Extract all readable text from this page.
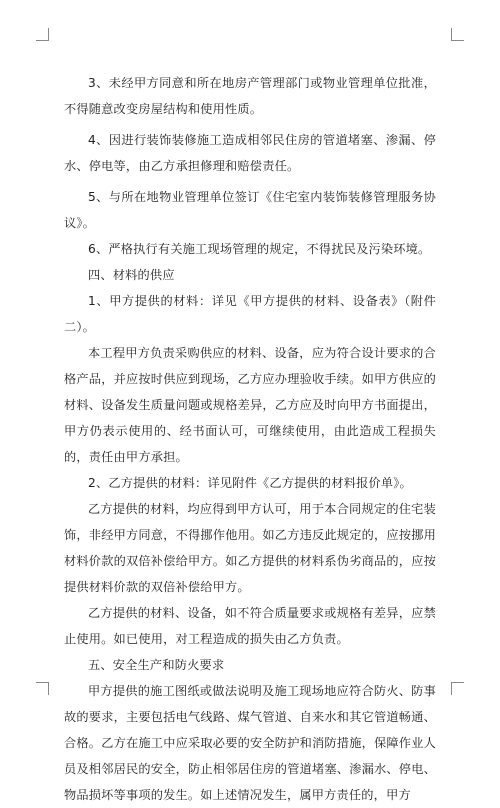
3、未经甲方同意和所在地房产管理部门或物业管理单位批准，不得随意改变房屋结构和使用性质。

4、因进行装饰装修施工造成相邻民住房的管道堵塞、渗漏、停水、停电等，由乙方承担修理和赔偿责任。

5、与所在地物业管理单位签订《住宅室内装饰装修管理服务协议》。

6、严格执行有关施工现场管理的规定，不得扰民及污染环境。

四、材料的供应

1、甲方提供的材料：详见《甲方提供的材料、设备表》（附件二）。

本工程甲方负责采购供应的材料、设备，应为符合设计要求的合格产品，并应按时供应到现场，乙方应办理验收手续。如甲方供应的材料、设备发生质量问题或规格差异，乙方应及时向甲方书面提出，甲方仍表示使用的、经书面认可，可继续使用，由此造成工程损失的，责任由甲方承担。

2、乙方提供的材料：详见附件《乙方提供的材料报价单》。

乙方提供的材料，均应得到甲方认可，用于本合同规定的住宅装饰，非经甲方同意，不得挪作他用。如乙方违反此规定的，应按挪用材料价款的双倍补偿给甲方。如乙方提供的材料系伪劣商品的，应按提供材料价款的双倍补偿给甲方。

乙方提供的材料、设备，如不符合质量要求或规格有差异，应禁止使用。如已使用，对工程造成的损失由乙方负责。

五、安全生产和防火要求

甲方提供的施工图纸或做法说明及施工现场地应符合防火、防事故的要求，主要包括电气线路、煤气管道、自来水和其它管道畅通、合格。乙方在施工中应采取必要的安全防护和消防措施，保障作业人员及相邻居民的安全，防止相邻居住房的管道堵塞、渗漏水、停电、物品损坏等事项的发生。如上述情况发生，属甲方责任的，甲方
